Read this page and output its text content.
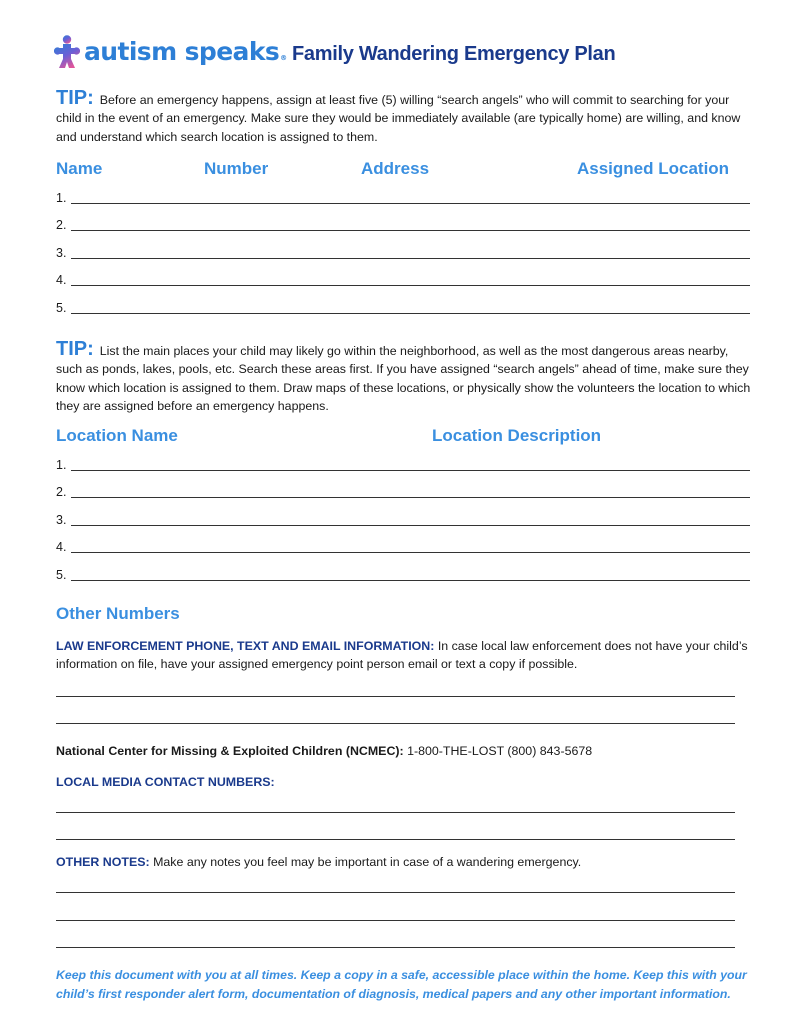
autism speaks® Family Wandering Emergency Plan
TIP: Before an emergency happens, assign at least five (5) willing “search angels” who will commit to searching for your child in the event of an emergency. Make sure they would be immediately available (are typically home) are willing, and know and understand which search location is assigned to them.
Name	Number	Address	Assigned Location
1.
2.
3.
4.
5.
TIP: List the main places your child may likely go within the neighborhood, as well as the most dangerous areas nearby, such as ponds, lakes, pools, etc. Search these areas first. If you have assigned “search angels” ahead of time, make sure they know which location is assigned to them. Draw maps of these locations, or physically show the volunteers the location to which they are assigned before an emergency happens.
Location Name	Location Description
1.
2.
3.
4.
5.
Other Numbers
LAW ENFORCEMENT PHONE, TEXT AND EMAIL INFORMATION: In case local law enforcement does not have your child’s information on file, have your assigned emergency point person email or text a copy if possible.
National Center for Missing & Exploited Children (NCMEC): 1-800-THE-LOST (800) 843-5678
LOCAL MEDIA CONTACT NUMBERS:
OTHER NOTES: Make any notes you feel may be important in case of a wandering emergency.
Keep this document with you at all times. Keep a copy in a safe, accessible place within the home. Keep this with your child’s first responder alert form, documentation of diagnosis, medical papers and any other important information.
